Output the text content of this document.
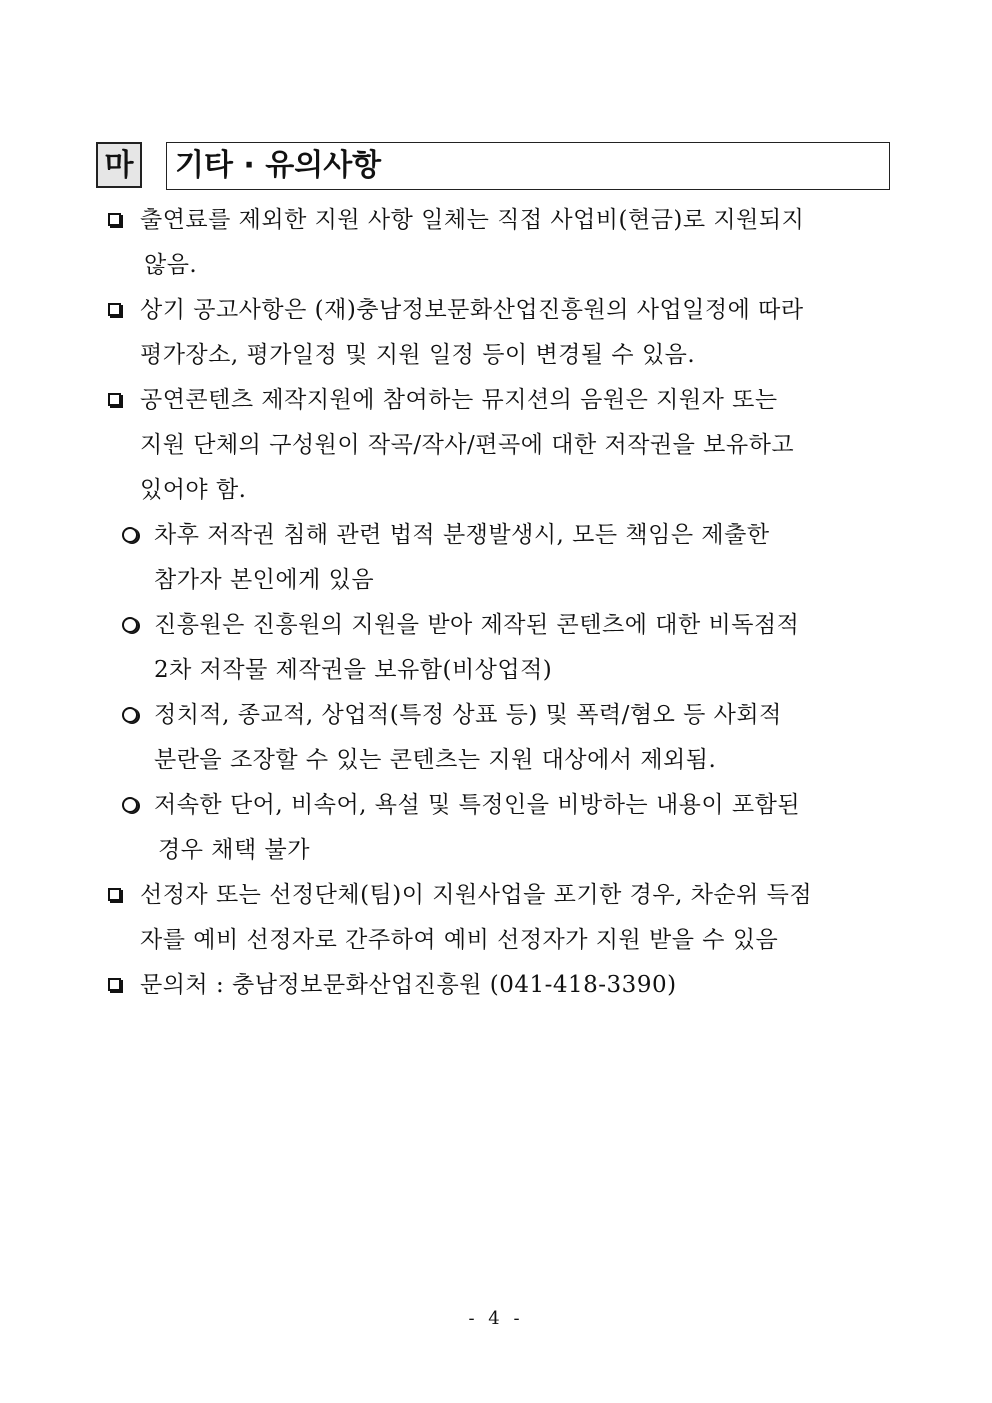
마	기타 · 유의사항
출연료를 제외한 지원 사항 일체는 직접 사업비(현금)로 지원되지
않음.
상기 공고사항은 (재)충남정보문화산업진흥원의 사업일정에 따라
평가장소, 평가일정 및 지원 일정 등이 변경될 수 있음.
공연콘텐츠 제작지원에 참여하는 뮤지션의 음원은 지원자 또는
지원 단체의 구성원이 작곡/작사/편곡에 대한 저작권을 보유하고
있어야 함.
차후 저작권 침해 관련 법적 분쟁발생시, 모든 책임은 제출한
참가자 본인에게 있음
진흥원은 진흥원의 지원을 받아 제작된 콘텐츠에 대한 비독점적
2차 저작물 제작권을 보유함(비상업적)
정치적, 종교적, 상업적(특정 상표 등) 및 폭력/혐오 등 사회적
분란을 조장할 수 있는 콘텐츠는 지원 대상에서 제외됨.
저속한 단어, 비속어, 욕설 및 특정인을 비방하는 내용이 포함된
경우 채택 불가
선정자 또는 선정단체(팀)이 지원사업을 포기한 경우, 차순위 득점
자를 예비 선정자로 간주하여 예비 선정자가 지원 받을 수 있음
문의처 : 충남정보문화산업진흥원 (041-418-3390)
- 4 -
